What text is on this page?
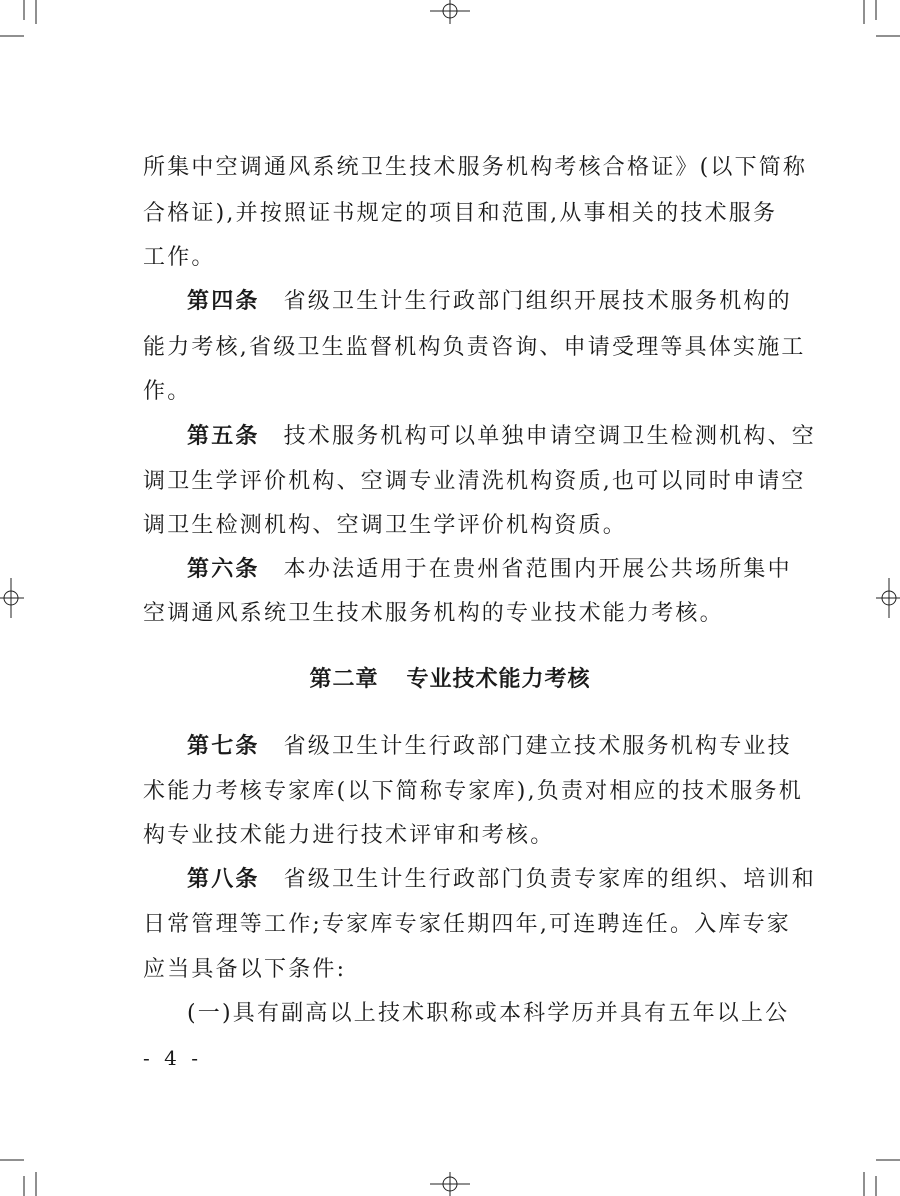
所集中空调通风系统卫生技术服务机构考核合格证》(以下简称
合格证),并按照证书规定的项目和范围,从事相关的技术服务
工作。
第四条 省级卫生计生行政部门组织开展技术服务机构的
能力考核,省级卫生监督机构负责咨询、申请受理等具体实施工
作。
第五条 技术服务机构可以单独申请空调卫生检测机构、空
调卫生学评价机构、空调专业清洗机构资质,也可以同时申请空
调卫生检测机构、空调卫生学评价机构资质。
第六条 本办法适用于在贵州省范围内开展公共场所集中
空调通风系统卫生技术服务机构的专业技术能力考核。
第二章 专业技术能力考核
第七条 省级卫生计生行政部门建立技术服务机构专业技
术能力考核专家库(以下简称专家库),负责对相应的技术服务机
构专业技术能力进行技术评审和考核。
第八条 省级卫生计生行政部门负责专家库的组织、培训和
日常管理等工作;专家库专家任期四年,可连聘连任。入库专家
应当具备以下条件:
(一)具有副高以上技术职称或本科学历并具有五年以上公
- 4 -
